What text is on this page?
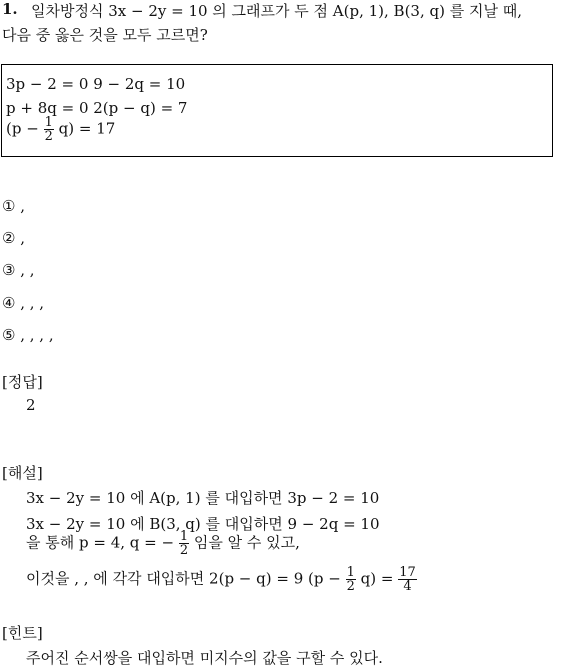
1. 일차방정식 3x − 2y = 10 의 그래프가 두 점 A(p, 1), B(3, q) 를 지날 때,
다음 중 옳은 것을 모두 고르면?
3p − 2 = 0 9 − 2q = 10
p + 8q = 0 2(p − q) = 7
$(p - \frac{1}{2} q) = 17$
① ,
② ,
③ , ,
④ , , ,
⑤ , , , ,
[정답]
2
[해설]
3x − 2y = 10 에 A(p, 1) 를 대입하면 3p − 2 = 10
3x − 2y = 10 에 B(3, q) 를 대입하면 9 − 2q = 10
을 통해 p = 4, q = − $\frac{1}{2}$ 임을 알 수 있고,
이것을 , , 에 각각 대입하면 2(p − q) = 9 $(p - \frac{1}{2} q) = \frac{17}{4}$
[힌트]
주어진 순서쌍을 대입하면 미지수의 값을 구할 수 있다.
